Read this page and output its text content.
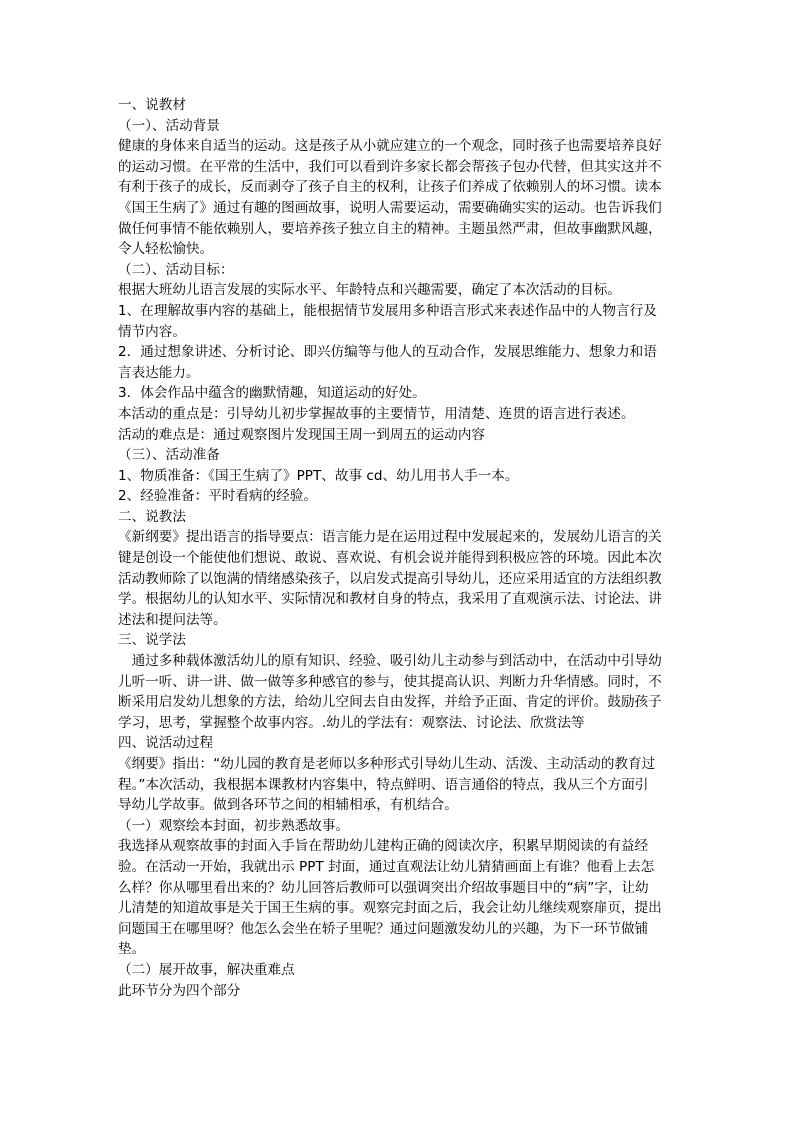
一、说教材
（一）、活动背景
健康的身体来自适当的运动。这是孩子从小就应建立的一个观念，同时孩子也需要培养良好
的运动习惯。在平常的生活中，我们可以看到许多家长都会帮孩子包办代替，但其实这并不
有利于孩子的成长，反而剥夺了孩子自主的权利，让孩子们养成了依赖别人的坏习惯。读本
《国王生病了》通过有趣的图画故事，说明人需要运动，需要确确实实的运动。也告诉我们
做任何事情不能依赖别人，要培养孩子独立自主的精神。主题虽然严肃，但故事幽默风趣，
令人轻松愉快。
（二）、活动目标：
根据大班幼儿语言发展的实际水平、年龄特点和兴趣需要，确定了本次活动的目标。
1、在理解故事内容的基础上，能根据情节发展用多种语言形式来表述作品中的人物言行及
情节内容。
2．通过想象讲述、分析讨论、即兴仿编等与他人的互动合作，发展思维能力、想象力和语
言表达能力。
3．体会作品中蕴含的幽默情趣，知道运动的好处。
本活动的重点是：引导幼儿初步掌握故事的主要情节，用清楚、连贯的语言进行表述。
活动的难点是：通过观察图片发现国王周一到周五的运动内容
（三）、活动准备
1、物质准备：《国王生病了》PPT、故事 cd、幼儿用书人手一本。
2、经验准备：平时看病的经验。
二、说教法
《新纲要》提出语言的指导要点：语言能力是在运用过程中发展起来的，发展幼儿语言的关
键是创设一个能使他们想说、敢说、喜欢说、有机会说并能得到积极应答的环境。因此本次
活动教师除了以饱满的情绪感染孩子，以启发式提高引导幼儿，还应采用适宜的方法组织教
学。根据幼儿的认知水平、实际情况和教材自身的特点，我采用了直观演示法、讨论法、讲
述法和提问法等。
三、说学法
　通过多种载体激活幼儿的原有知识、经验、吸引幼儿主动参与到活动中，在活动中引导幼
儿听一听、讲一讲、做一做等多种感官的参与，使其提高认识、判断力升华情感。同时，不
断采用启发幼儿想象的方法，给幼儿空间去自由发挥，并给予正面、肯定的评价。鼓励孩子
学习，思考，掌握整个故事内容。.幼儿的学法有：观察法、讨论法、欣赏法等
四、说活动过程
《纲要》指出：“幼儿园的教育是老师以多种形式引导幼儿生动、活泼、主动活动的教育过
程。”本次活动，我根据本课教材内容集中，特点鲜明、语言通俗的特点，我从三个方面引
导幼儿学故事。做到各环节之间的相辅相承，有机结合。
（一）观察绘本封面，初步熟悉故事。
我选择从观察故事的封面入手旨在帮助幼儿建构正确的阅读次序，积累早期阅读的有益经
验。在活动一开始，我就出示 PPT 封面，通过直观法让幼儿猜猜画面上有谁？他看上去怎
么样？你从哪里看出来的？幼儿回答后教师可以强调突出介绍故事题目中的“病”字，让幼
儿清楚的知道故事是关于国王生病的事。观察完封面之后，我会让幼儿继续观察扉页，提出
问题国王在哪里呀？他怎么会坐在轿子里呢？通过问题激发幼儿的兴趣，为下一环节做铺
垫。
（二）展开故事，解决重难点
此环节分为四个部分
